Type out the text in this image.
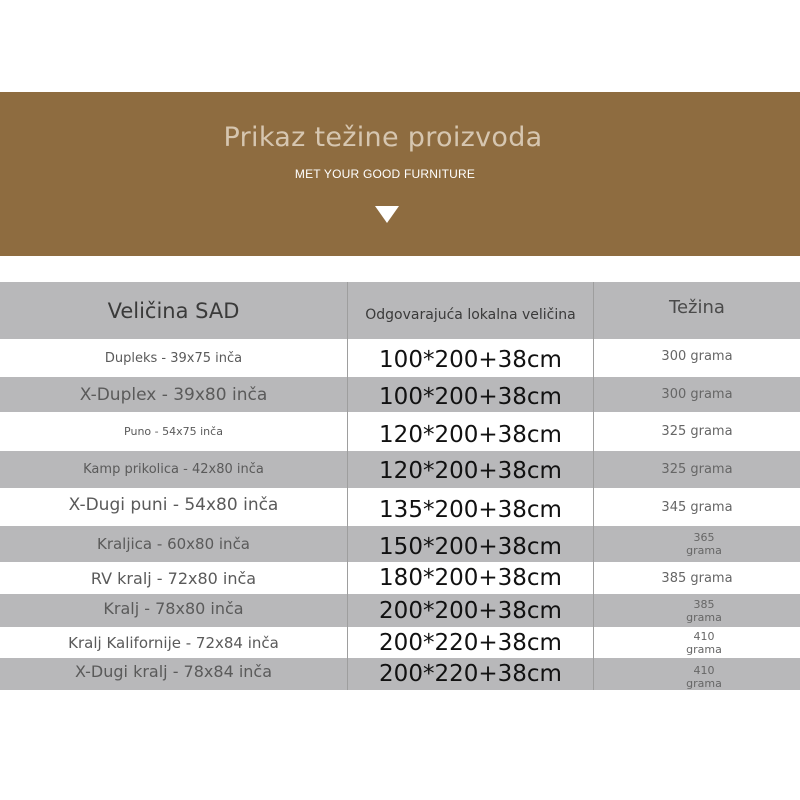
Prikaz težine proizvoda
MET YOUR GOOD FURNITURE
Veličina SAD	Odgovarajuća lokalna veličina	Težina
Dupleks - 39x75 inča	100*200+38cm	300 grama
X-Duplex - 39x80 inča	100*200+38cm	300 grama
Puno - 54x75 inča	120*200+38cm	325 grama
Kamp prikolica - 42x80 inča	120*200+38cm	325 grama
X-Dugi puni - 54x80 inča	135*200+38cm	345 grama
Kraljica - 60x80 inča	150*200+38cm	365 grama
RV kralj - 72x80 inča	180*200+38cm	385 grama
Kralj - 78x80 inča	200*200+38cm	385 grama
Kralj Kalifornije - 72x84 inča	200*220+38cm	410 grama
X-Dugi kralj - 78x84 inča	200*220+38cm	410 grama
